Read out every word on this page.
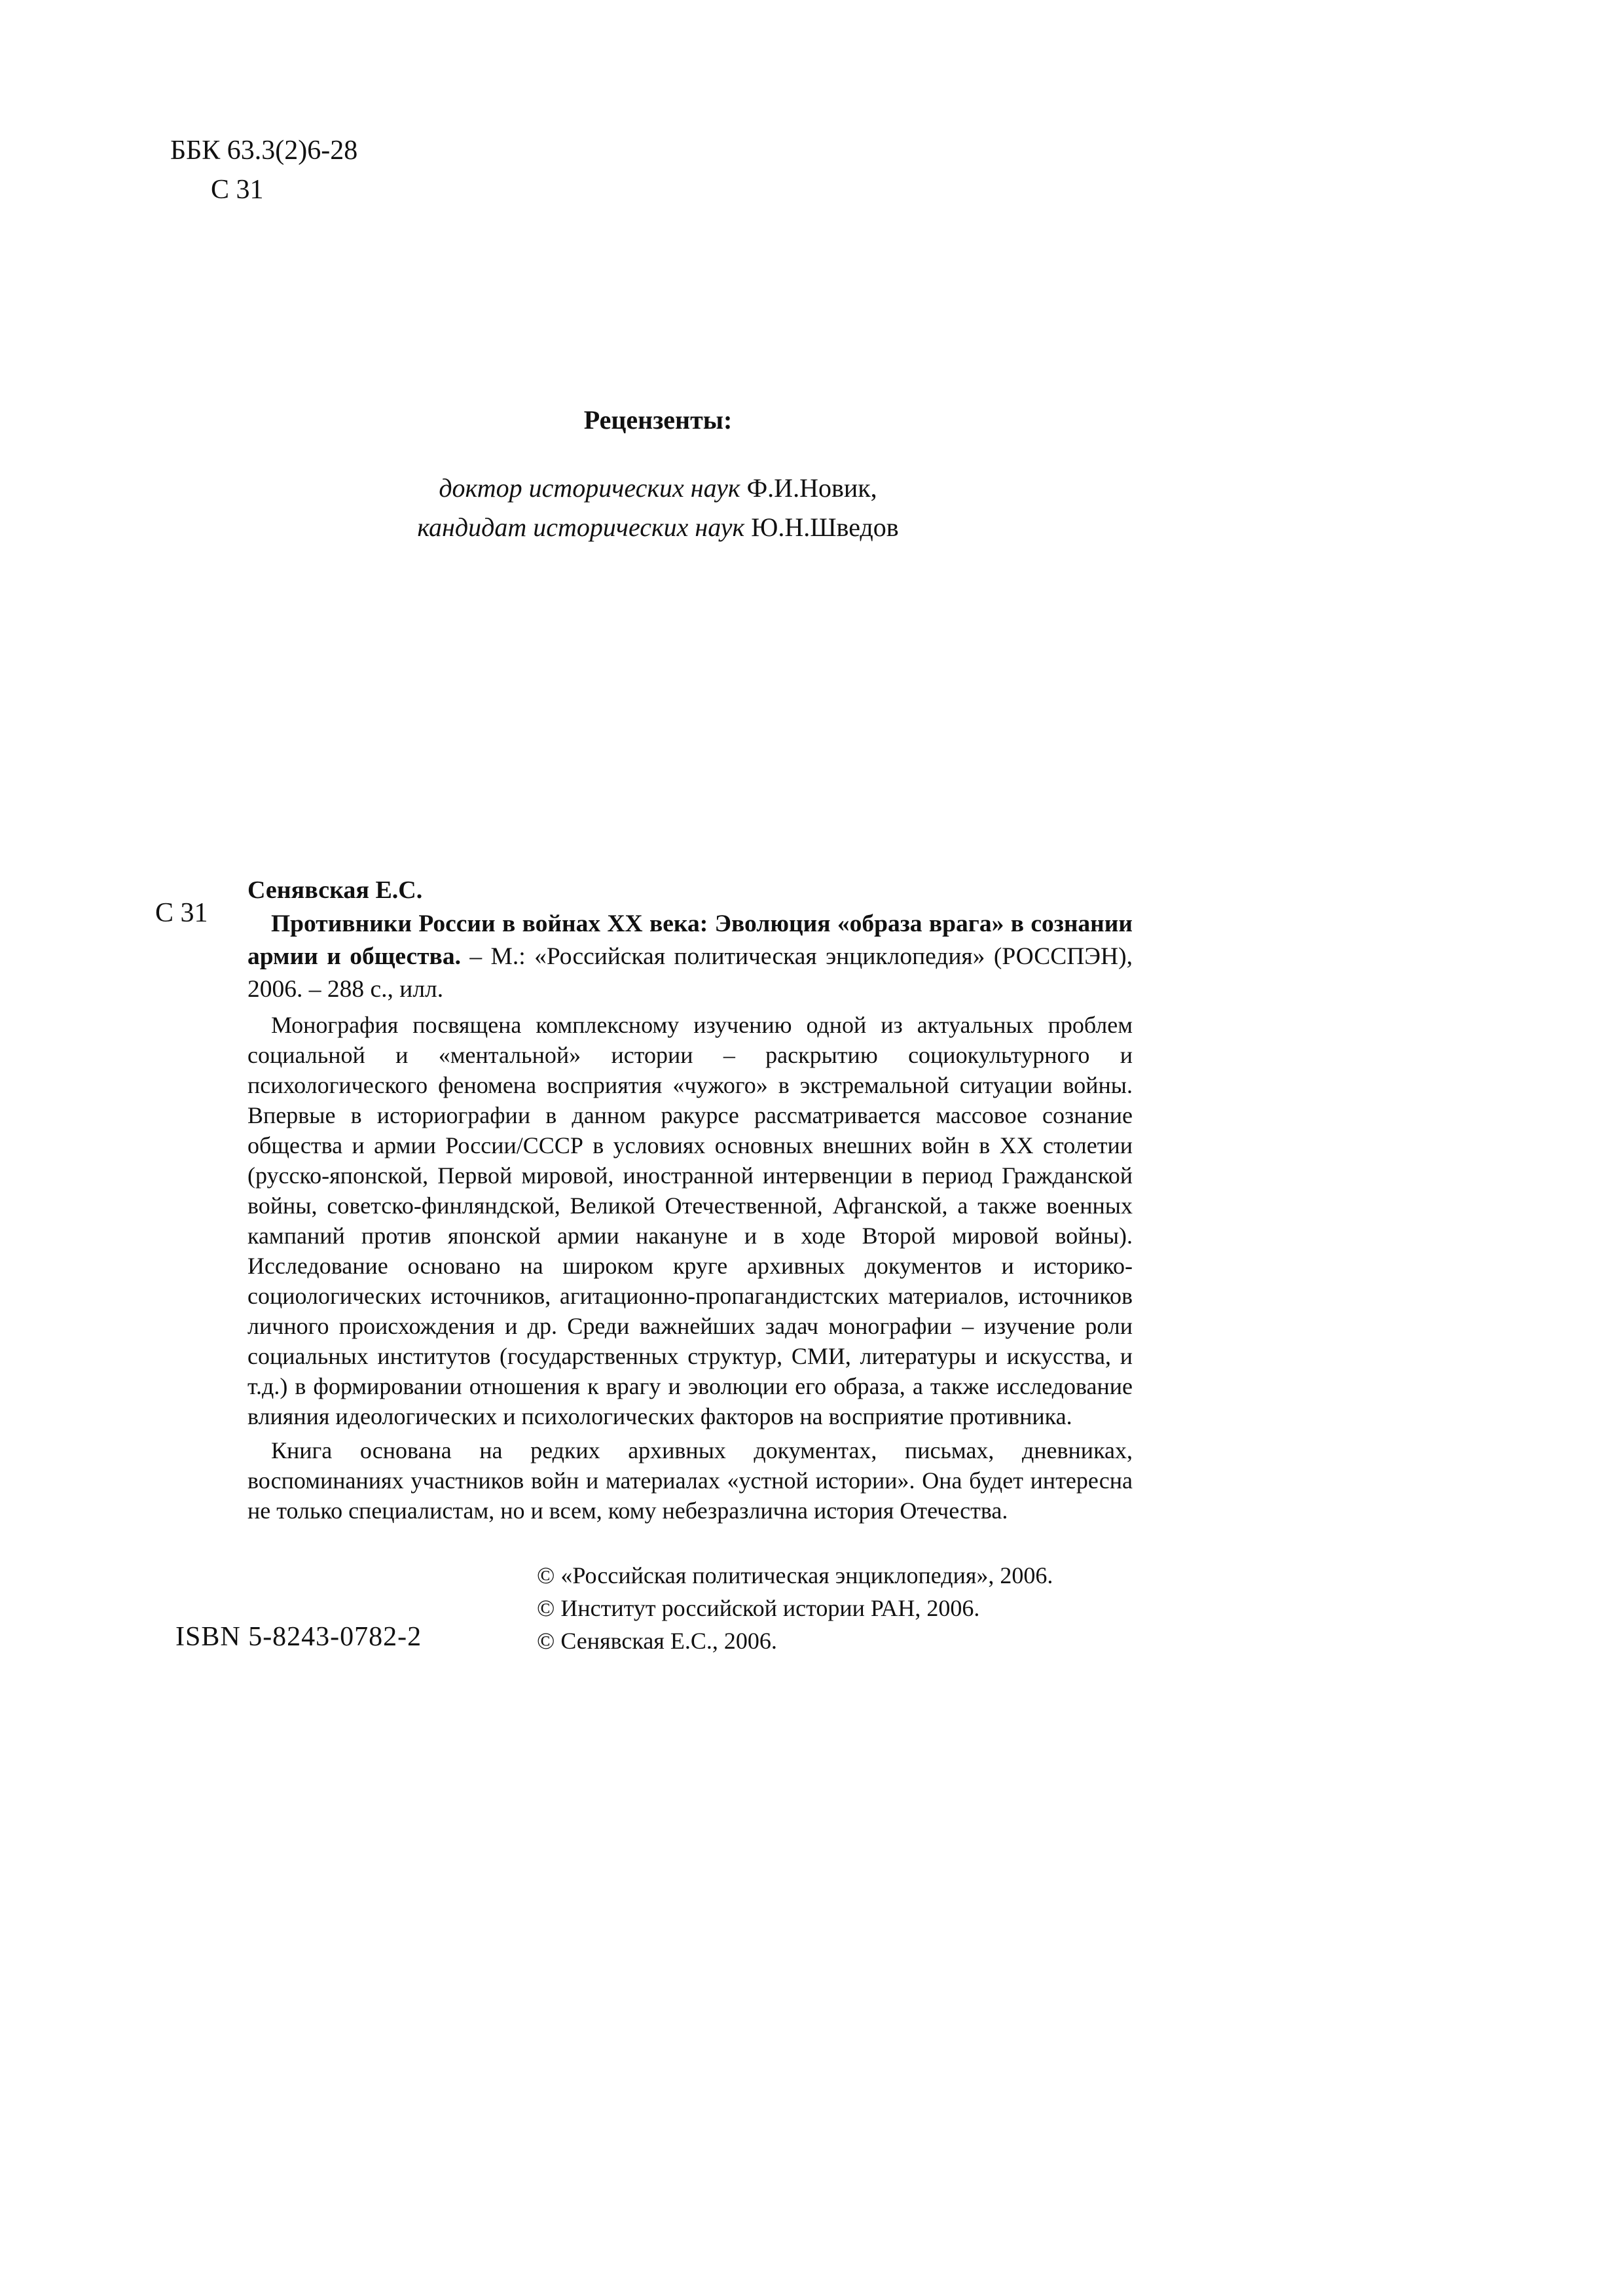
ББК 63.3(2)6-28
С 31
Рецензенты:
доктор исторических наук Ф.И.Новик,
кандидат исторических наук Ю.Н.Шведов
С 31
Сенявская Е.С.
Противники России в войнах ХХ века: Эволюция «образа врага» в сознании армии и общества. – М.: «Российская политическая энциклопедия» (РОССПЭН), 2006. – 288 с., илл.
Монография посвящена комплексному изучению одной из актуальных проблем социальной и «ментальной» истории – раскрытию социокультурного и психологического феномена восприятия «чужого» в экстремальной ситуации войны. Впервые в историографии в данном ракурсе рассматривается массовое сознание общества и армии России/СССР в условиях основных внешних войн в ХХ столетии (русско-японской, Первой мировой, иностранной интервенции в период Гражданской войны, советско-финляндской, Великой Отечественной, Афганской, а также военных кампаний против японской армии накануне и в ходе Второй мировой войны). Исследование основано на широком круге архивных документов и историко-социологических источников, агитационно-пропагандистских материалов, источников личного происхождения и др. Среди важнейших задач монографии – изучение роли социальных институтов (государственных структур, СМИ, литературы и искусства, и т.д.) в формировании отношения к врагу и эволюции его образа, а также исследование влияния идеологических и психологических факторов на восприятие противника.
Книга основана на редких архивных документах, письмах, дневниках, воспоминаниях участников войн и материалах «устной истории». Она будет интересна не только специалистам, но и всем, кому небезразлична история Отечества.
© «Российская политическая энциклопедия», 2006.
© Институт российской истории РАН, 2006.
© Сенявская Е.С., 2006.
ISBN 5-8243-0782-2
